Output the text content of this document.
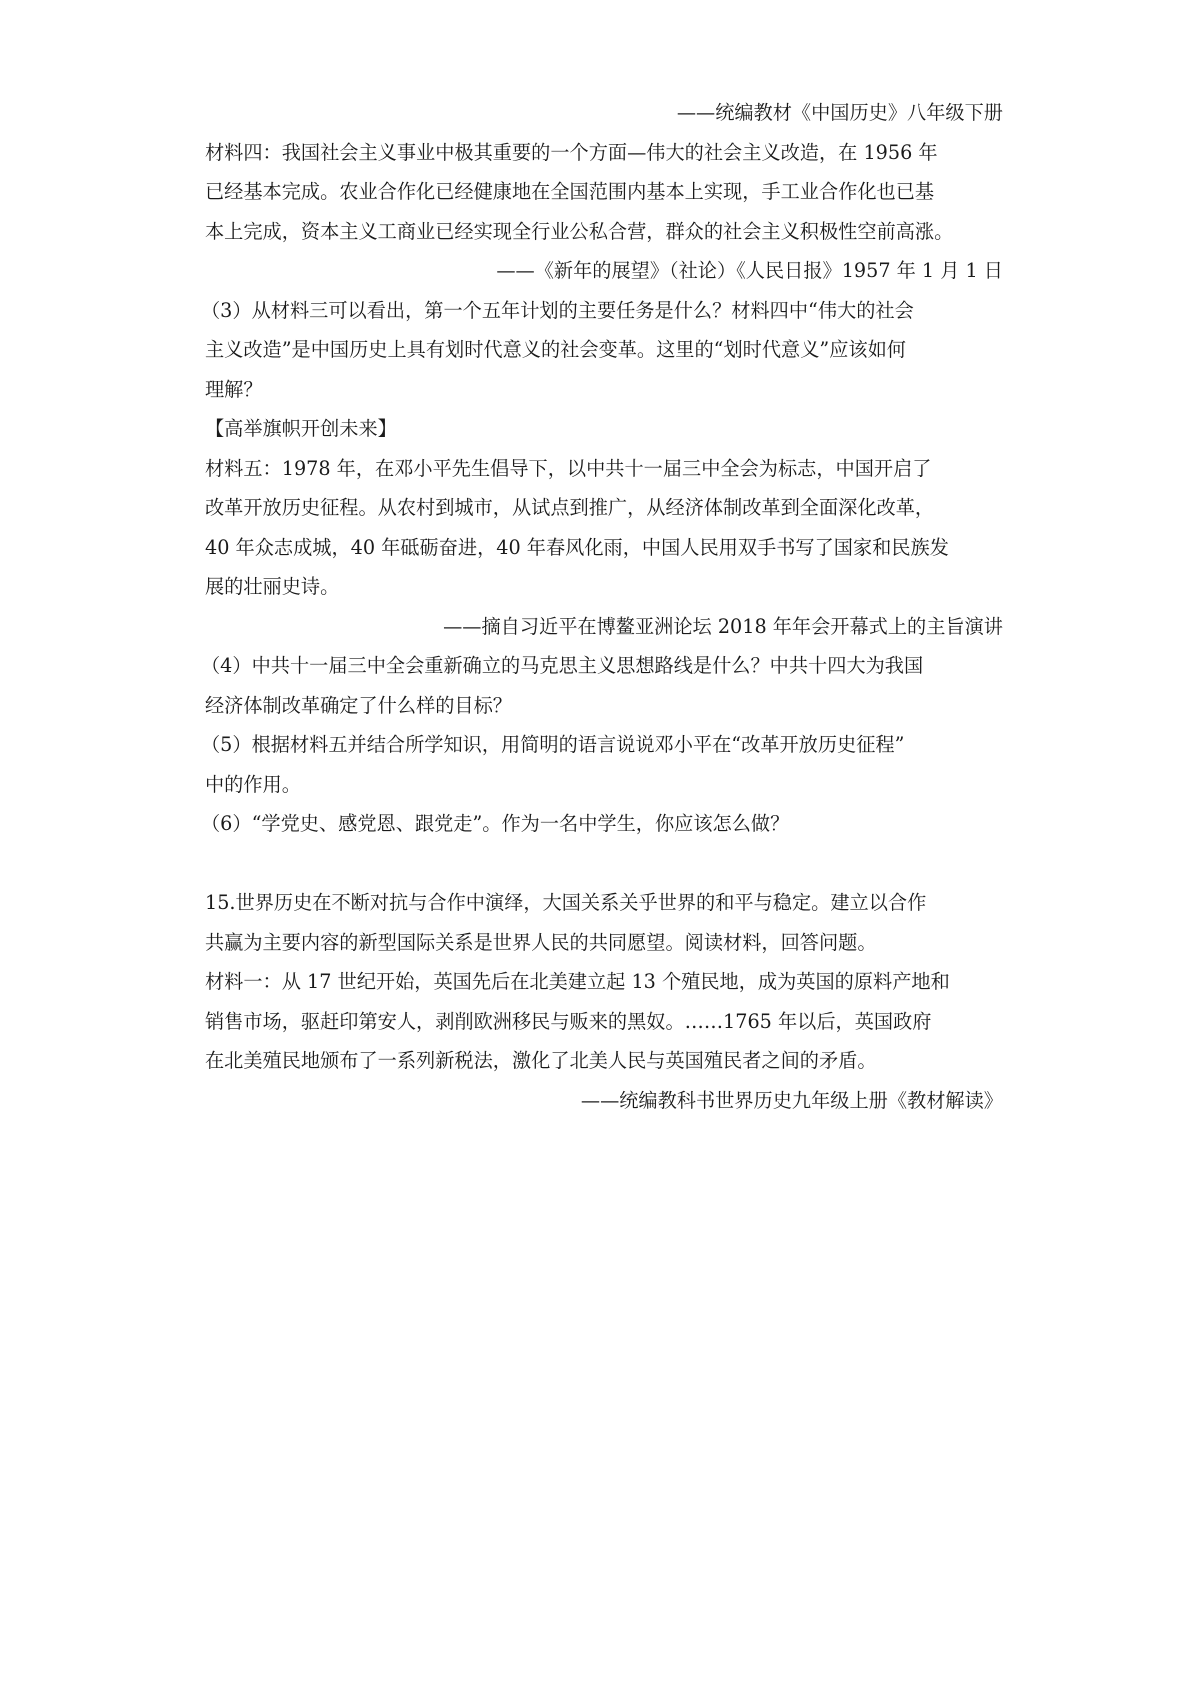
——统编教材《中国历史》八年级下册
材料四：我国社会主义事业中极其重要的一个方面—伟大的社会主义改造，在 1956 年
已经基本完成。农业合作化已经健康地在全国范围内基本上实现，手工业合作化也已基
本上完成，资本主义工商业已经实现全行业公私合营，群众的社会主义积极性空前高涨。
——《新年的展望》（社论）《人民日报》1957 年 1 月 1 日
（3）从材料三可以看出，第一个五年计划的主要任务是什么？材料四中“伟大的社会
主义改造”是中国历史上具有划时代意义的社会变革。这里的“划时代意义”应该如何
理解？
【高举旗帜开创未来】
材料五：1978 年，在邓小平先生倡导下，以中共十一届三中全会为标志，中国开启了
改革开放历史征程。从农村到城市，从试点到推广，从经济体制改革到全面深化改革，
40 年众志成城，40 年砥砺奋进，40 年春风化雨，中国人民用双手书写了国家和民族发
展的壮丽史诗。
——摘自习近平在博鳌亚洲论坛 2018 年年会开幕式上的主旨演讲
（4）中共十一届三中全会重新确立的马克思主义思想路线是什么？中共十四大为我国
经济体制改革确定了什么样的目标？
（5）根据材料五并结合所学知识，用简明的语言说说邓小平在“改革开放历史征程”
中的作用。
（6）“学党史、感党恩、跟党走”。作为一名中学生，你应该怎么做？
15.世界历史在不断对抗与合作中演绎，大国关系关乎世界的和平与稳定。建立以合作
共赢为主要内容的新型国际关系是世界人民的共同愿望。阅读材料，回答问题。
材料一：从 17 世纪开始，英国先后在北美建立起 13 个殖民地，成为英国的原料产地和
销售市场，驱赶印第安人，剥削欧洲移民与贩来的黑奴。……1765 年以后，英国政府
在北美殖民地颁布了一系列新税法，激化了北美人民与英国殖民者之间的矛盾。
——统编教科书世界历史九年级上册《教材解读》
